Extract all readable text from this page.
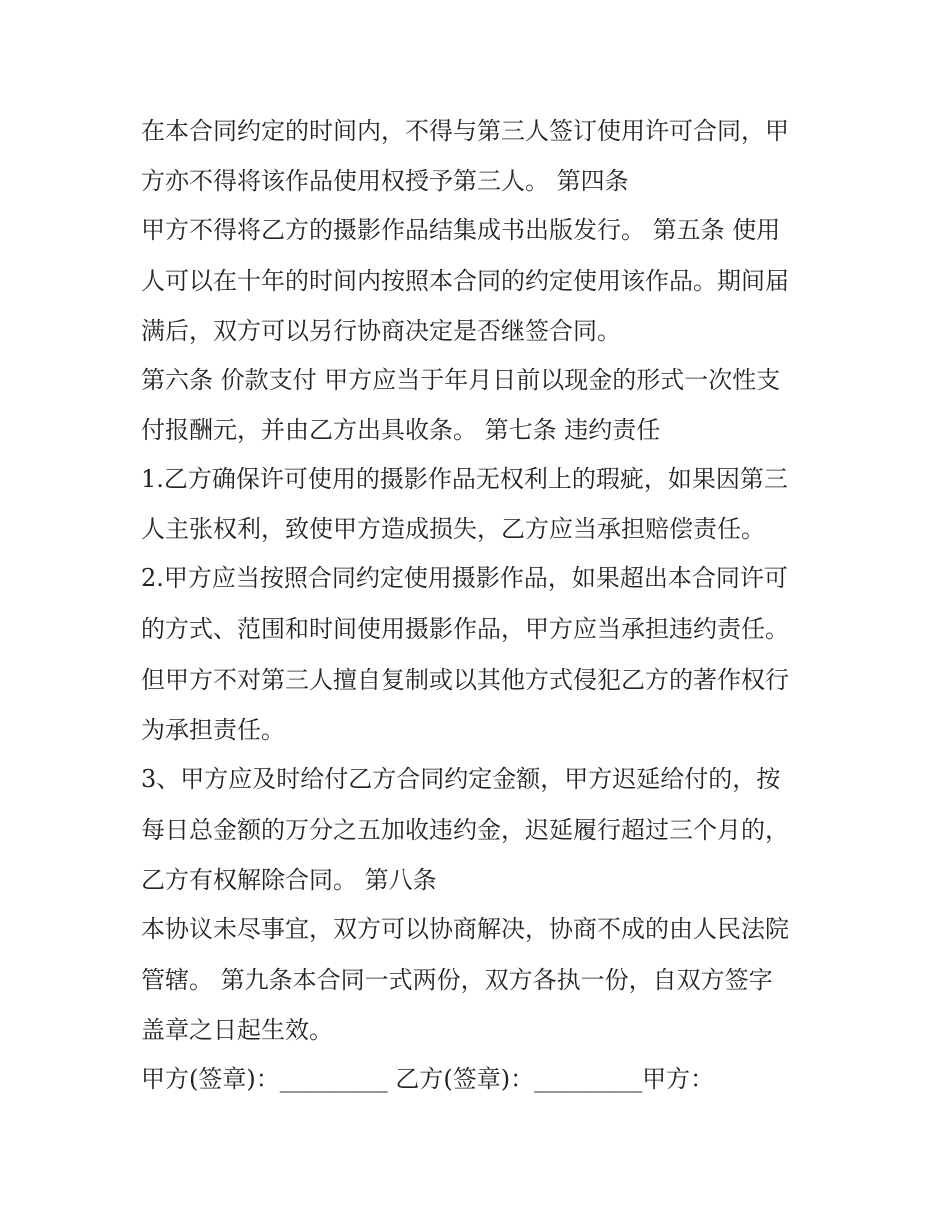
在本合同约定的时间内，不得与第三人签订使用许可合同，甲
方亦不得将该作品使用权授予第三人。 第四条
甲方不得将乙方的摄影作品结集成书出版发行。 第五条 使用
人可以在十年的时间内按照本合同的约定使用该作品。期间届
满后，双方可以另行协商决定是否继签合同。
第六条 价款支付 甲方应当于年月日前以现金的形式一次性支
付报酬元，并由乙方出具收条。 第七条 违约责任
1.乙方确保许可使用的摄影作品无权利上的瑕疵，如果因第三
人主张权利，致使甲方造成损失，乙方应当承担赔偿责任。
2.甲方应当按照合同约定使用摄影作品，如果超出本合同许可
的方式、范围和时间使用摄影作品，甲方应当承担违约责任。
但甲方不对第三人擅自复制或以其他方式侵犯乙方的著作权行
为承担责任。
3、甲方应及时给付乙方合同约定金额，甲方迟延给付的，按
每日总金额的万分之五加收违约金，迟延履行超过三个月的，
乙方有权解除合同。 第八条
本协议未尽事宜，双方可以协商解决，协商不成的由人民法院
管辖。 第九条本合同一式两份，双方各执一份，自双方签字
盖章之日起生效。
甲方(签章)：_________ 乙方(签章)：_________甲方：
